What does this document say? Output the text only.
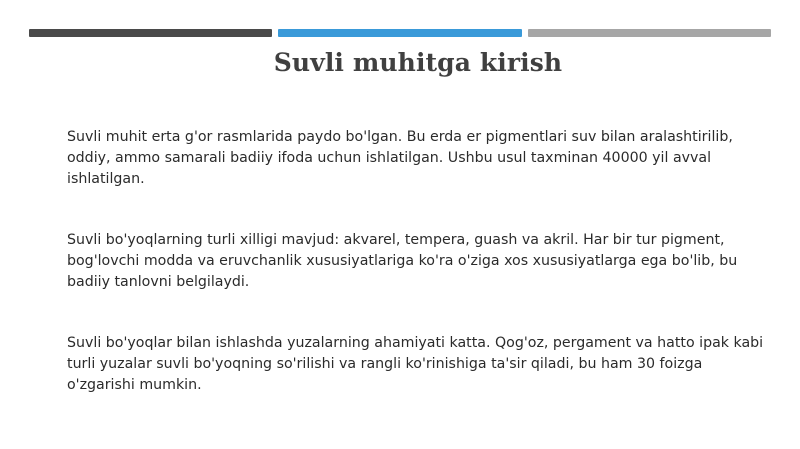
Suvli muhitga kirish
Suvli muhit erta g'or rasmlarida paydo bo'lgan. Bu erda er pigmentlari suv bilan aralashtirilib,
oddiy, ammo samarali badiiy ifoda uchun ishlatilgan. Ushbu usul taxminan 40000 yil avval
ishlatilgan.
Suvli bo'yoqlarning turli xilligi mavjud: akvarel, tempera, guash va akril. Har bir tur pigment,
bog'lovchi modda va eruvchanlik xususiyatlariga ko'ra o'ziga xos xususiyatlarga ega bo'lib, bu
badiiy tanlovni belgilaydi.
Suvli bo'yoqlar bilan ishlashda yuzalarning ahamiyati katta. Qog'oz, pergament va hatto ipak kabi
turli yuzalar suvli bo'yoqning so'rilishi va rangli ko'rinishiga ta'sir qiladi, bu ham 30 foizga
o'zgarishi mumkin.
